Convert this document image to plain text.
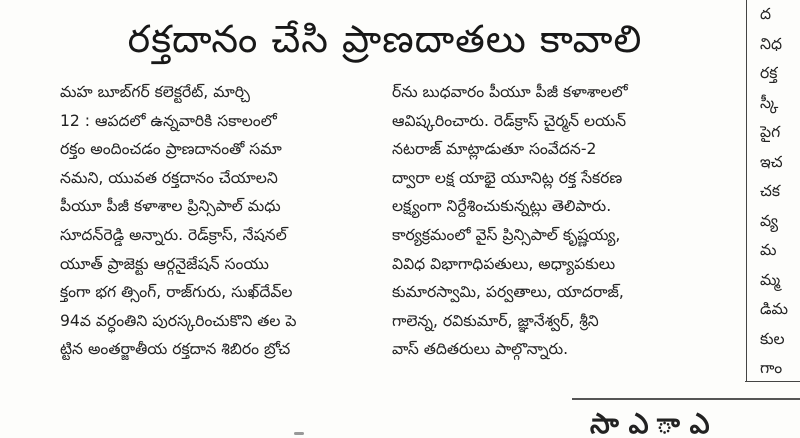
రక్తదానం చేసి ప్రాణదాతలు కావాలి
మహ బూబ్‌గర్‌ కలెక్టరేట్‌, మార్చి
12 : ఆపదలో ఉన్నవారికి సకాలంలో
రక్తం అందించడం ప్రాణదానంతో సమా
నమని, యువత రక్తదానం చేయాలని
పీయూ పీజీ కళాశాల ప్రిన్సిపాల్‌ మధు
సూదన్‌రెడ్డి అన్నారు. రెడ్‌క్రాస్‌, నేషనల్‌
యూత్‌ ప్రాజెక్టు ఆర్గనైజేషన్‌ సంయు
క్తంగా భగ త్సింగ్‌, రాజ్‌గురు, సుఖ్‌దేవ్‌ల
94వ వర్ధంతిని పురస్కరించుకొని తల పె
ట్టిన అంతర్జాతీయ రక్తదాన శిబిరం బ్రోచ
ర్‌ను బుధవారం పీయూ పీజీ కళాశాలలో
ఆవిష్కరించారు. రెడ్‌క్రాస్‌ చైర్మన్‌ లయన్‌
నటరాజ్‌ మాట్లాడుతూ సంవేదన-2
ద్వారా లక్ష యాభై యూనిట్ల రక్త సేకరణ
లక్ష్యంగా నిర్దేశించుకున్నట్లు తెలిపారు.
కార్యక్రమంలో వైస్‌ ప్రిన్సిపాల్‌ కృష్ణయ్య,
వివిధ విభాగాధిపతులు, అధ్యాపకులు
కుమారస్వామి, పర్వతాలు, యాదరాజ్‌,
గాలెన్న, రవికుమార్‌, జ్ఞానేశ్వర్‌, శ్రీని
వాస్‌ తదితరులు పాల్గొన్నారు.
ద
నిధ
రక్త
స్కీ
పైగ
ఇచ
చక
వ్య
మ
మ్మ
డిమ
కుల
గాం
సా ఎ ా ఎ
